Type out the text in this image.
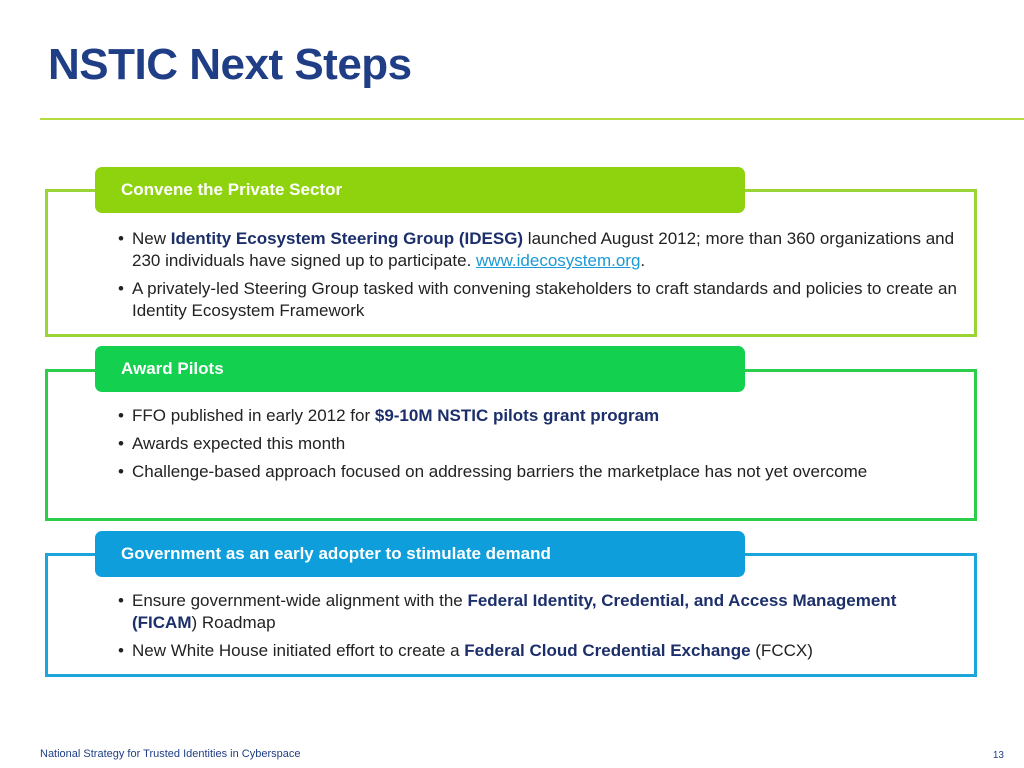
NSTIC Next Steps
Convene the Private Sector
• New Identity Ecosystem Steering Group (IDESG) launched August 2012; more than 360 organizations and 230 individuals have signed up to participate. www.idecosystem.org.
• A privately-led Steering Group tasked with convening stakeholders to craft standards and policies to create an Identity Ecosystem Framework
Award Pilots
• FFO published in early 2012 for $9-10M NSTIC pilots grant program
• Awards expected this month
• Challenge-based approach focused on addressing barriers the marketplace has not yet overcome
Government as an early adopter to stimulate demand
• Ensure government-wide alignment with the Federal Identity, Credential, and Access Management (FICAM) Roadmap
• New White House initiated effort to create a Federal Cloud Credential Exchange (FCCX)
National Strategy for Trusted Identities in Cyberspace	13
